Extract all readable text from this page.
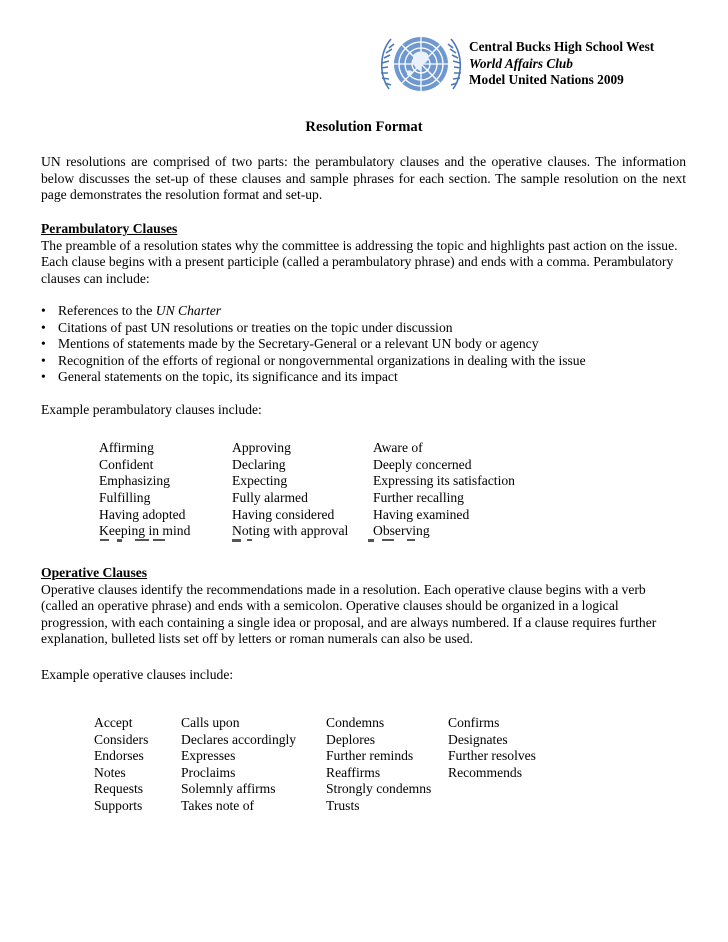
Central Bucks High School West
World Affairs Club
Model United Nations 2009
Resolution Format
UN resolutions are comprised of two parts: the perambulatory clauses and the operative clauses. The information below discusses the set-up of these clauses and sample phrases for each section. The sample resolution on the next page demonstrates the resolution format and set-up.
Perambulatory Clauses
The preamble of a resolution states why the committee is addressing the topic and highlights past action on the issue. Each clause begins with a present participle (called a perambulatory phrase) and ends with a comma. Perambulatory clauses can include:
• References to the UN Charter
• Citations of past UN resolutions or treaties on the topic under discussion
• Mentions of statements made by the Secretary-General or a relevant UN body or agency
• Recognition of the efforts of regional or nongovernmental organizations in dealing with the issue
• General statements on the topic, its significance and its impact
Example perambulatory clauses include:
Affirming	Approving	Aware of
Confident	Declaring	Deeply concerned
Emphasizing	Expecting	Expressing its satisfaction
Fulfilling	Fully alarmed	Further recalling
Having adopted	Having considered	Having examined
Keeping in mind	Noting with approval	Observing
Operative Clauses
Operative clauses identify the recommendations made in a resolution. Each operative clause begins with a verb (called an operative phrase) and ends with a semicolon. Operative clauses should be organized in a logical progression, with each containing a single idea or proposal, and are always numbered. If a clause requires further explanation, bulleted lists set off by letters or roman numerals can also be used.
Example operative clauses include:
Accept	Calls upon	Condemns	Confirms
Considers	Declares accordingly	Deplores	Designates
Endorses	Expresses	Further reminds	Further resolves
Notes	Proclaims	Reaffirms	Recommends
Requests	Solemnly affirms	Strongly condemns
Supports	Takes note of	Trusts
